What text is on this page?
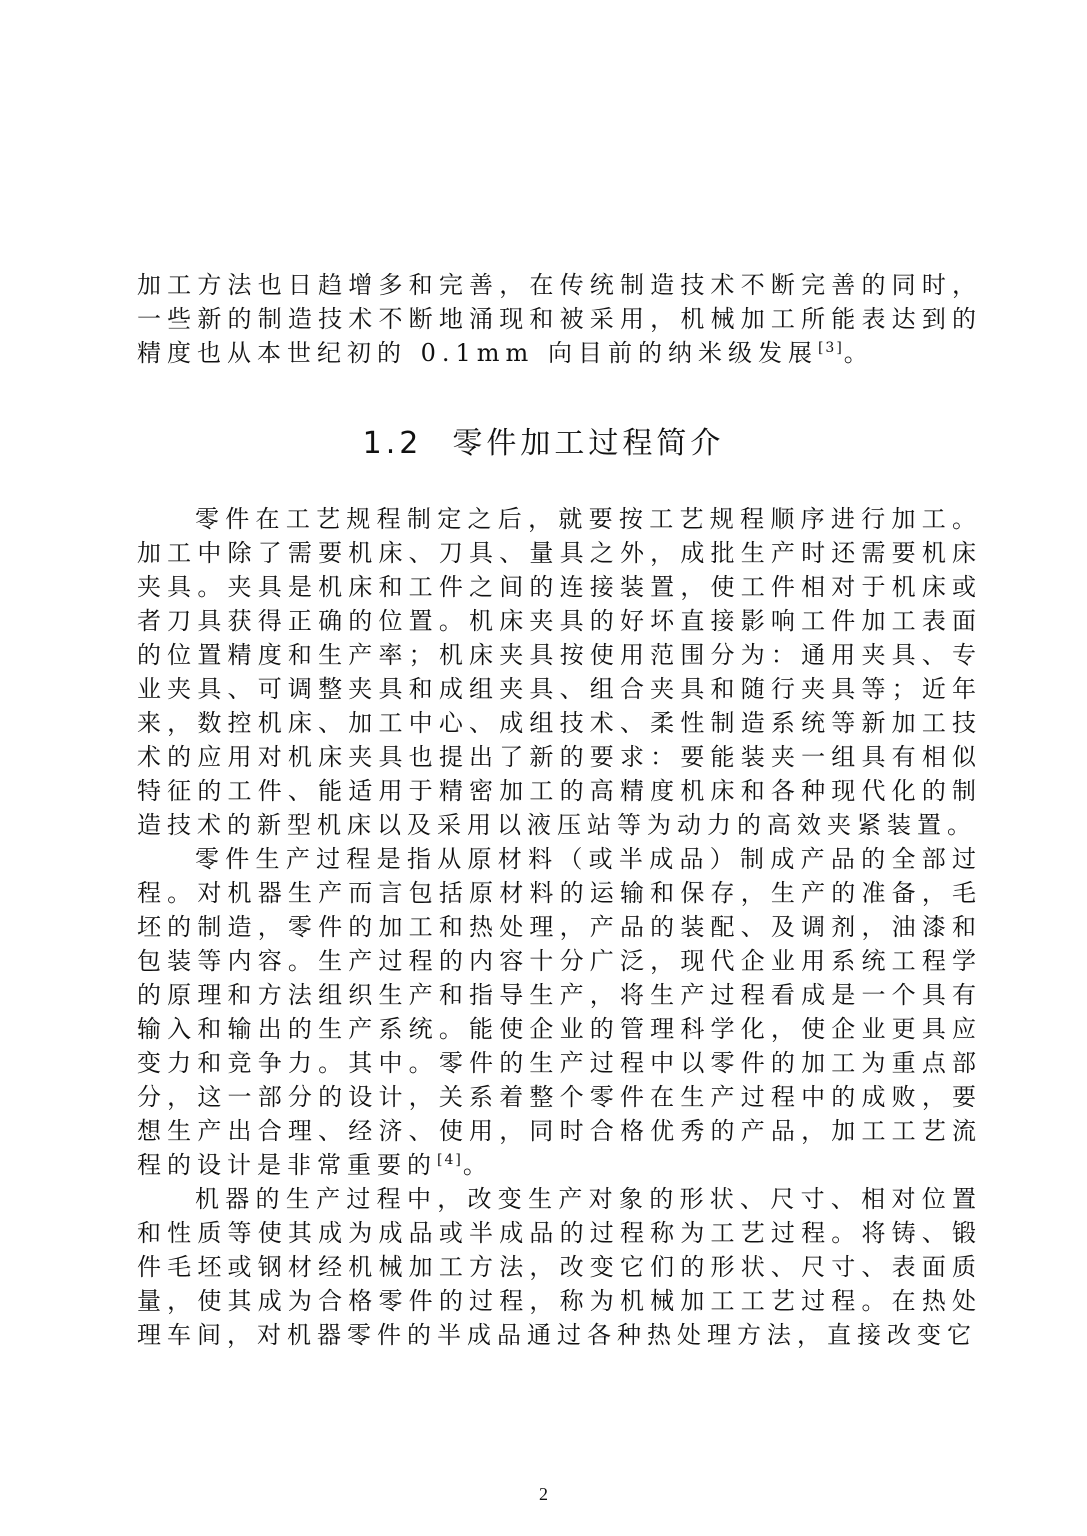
加工方法也日趋增多和完善，在传统制造技术不断完善的同时，一些新的制造技术不断地涌现和被采用，机械加工所能表达到的精度也从本世纪初的 0.1mm 向目前的纳米级发展[3]。

1.2 零件加工过程简介

零件在工艺规程制定之后，就要按工艺规程顺序进行加工。加工中除了需要机床、刀具、量具之外，成批生产时还需要机床夹具。夹具是机床和工件之间的连接装置，使工件相对于机床或者刀具获得正确的位置。机床夹具的好坏直接影响工件加工表面的位置精度和生产率；机床夹具按使用范围分为：通用夹具、专业夹具、可调整夹具和成组夹具、组合夹具和随行夹具等；近年来，数控机床、加工中心、成组技术、柔性制造系统等新加工技术的应用对机床夹具也提出了新的要求：要能装夹一组具有相似特征的工件、能适用于精密加工的高精度机床和各种现代化的制造技术的新型机床以及采用以液压站等为动力的高效夹紧装置。

零件生产过程是指从原材料（或半成品）制成产品的全部过程。对机器生产而言包括原材料的运输和保存，生产的准备，毛坯的制造，零件的加工和热处理，产品的装配、及调剂，油漆和包装等内容。生产过程的内容十分广泛，现代企业用系统工程学的原理和方法组织生产和指导生产，将生产过程看成是一个具有输入和输出的生产系统。能使企业的管理科学化，使企业更具应变力和竞争力。其中。零件的生产过程中以零件的加工为重点部分，这一部分的设计，关系着整个零件在生产过程中的成败，要想生产出合理、经济、使用，同时合格优秀的产品，加工工艺流程的设计是非常重要的[4]。

机器的生产过程中，改变生产对象的形状、尺寸、相对位置和性质等使其成为成品或半成品的过程称为工艺过程。将铸、锻件毛坯或钢材经机械加工方法，改变它们的形状、尺寸、表面质量，使其成为合格零件的过程，称为机械加工工艺过程。在热处理车间，对机器零件的半成品通过各种热处理方法，直接改变它

2
